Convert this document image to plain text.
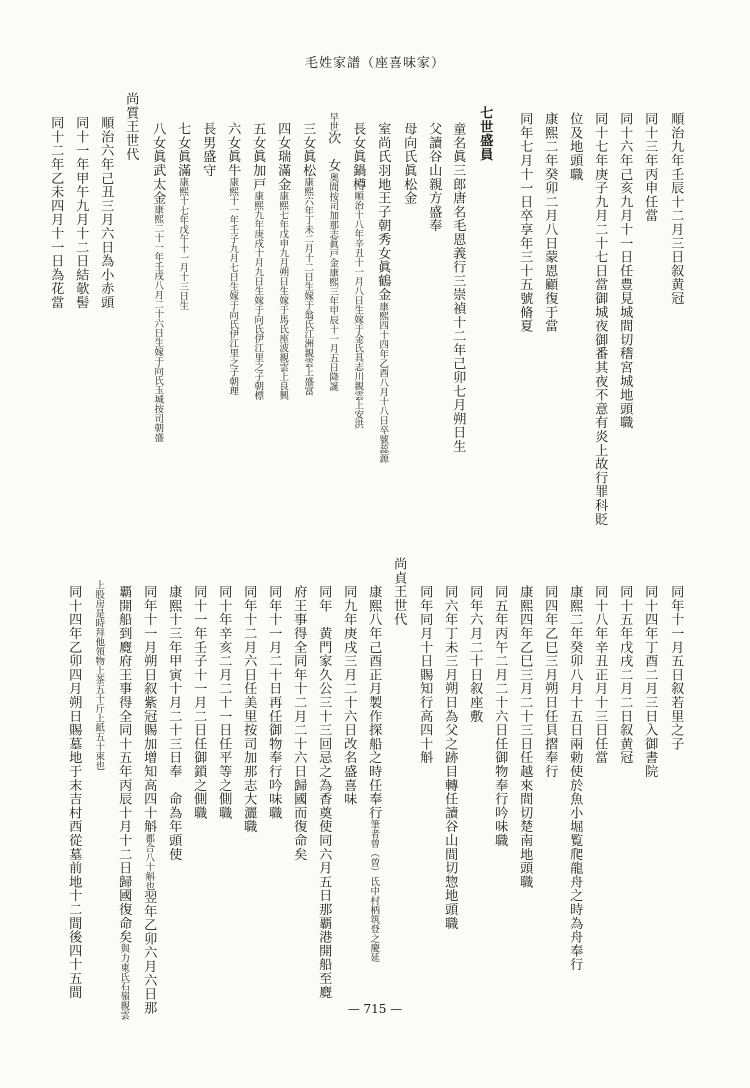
毛姓家譜（座喜味家）
順治九年壬辰十二月三日叙黄冠
同十三年丙申任當
同十六年己亥九月十一日任豊見城間切𥡴宮城地頭職
同十七年庚子九月二十七日當御城夜御番其夜不意有炎上故行罪科貶
位及地頭職
康熙二年癸卯二月八日蒙恩顧復于當
同年七月十一日卒享年三十五號脩夏
七世盛員
童名眞三郎唐名毛恩義行三崇禎十二年己卯七月朔日生
父讀谷山親方盛奉
母向氏眞松金
室尚氏羽地王子朝秀女眞鶴金康熙四十四年乙酉八月十八日卒號蕊源
長女眞鍋樽順治十八年辛丑十一月八日生嫁于金氏具志川親雲上安洪
早世次　女奥間按司加那志眞戸金康熙三年甲辰十一月五日降誕
三女眞松康熙六年丁未二月十二日生嫁于翁氏江洲親雲上盛富
四女瑞滿金康熙七年戊申九月朔日生嫁于馬氏座波親雲上良興
五女眞加戸康熙九年庚戌十月九日生嫁于向氏伊江里之子朝標
六女眞牛康熙十一年壬子九月七日生嫁于向氏伊江里之子朝理
長男盛守
七女眞滿康熙十七年戊午十一月十三日生
八女眞武太金康熙二十一年壬戌八月二十六日生嫁于向氏玉城按司朝盛
尚質王世代
順治六年己丑三月六日為小赤頭
同十一年甲午九月十二日結欹髻
同十二年乙未四月十一日為花當
同年十一月五日叙若里之子
同十四年丁酉二月三日入御書院
同十五年戊戌二月二日叙黄冠
同十八年辛丑正月十三日任當
康熙二年癸卯八月十五日兩勅使於魚小堀覧爬龍舟之時為舟奉行
同四年乙巳三月朔日任貝摺奉行
康熙四年乙巳三月二十三日任越來間切楚南地頭職
同五年丙午二月二十六日任御物奉行吟味職
同年六月二十日叙座敷
同六年丁未三月朔日為父之跡目轉任讀谷山間切惣地頭職
同年同月十日賜知行高四十斛
尚貞王世代
康熙八年己酉正月製作探船之時任奉行筆者曾（曽）氏中村柄筑登之慶延
同九年庚戌三月二十六日改名盛喜味
同年　黄門家久公三十三回忌之為香奠使同六月五日那覇港開船至麑
府王事得全同年十二月二十六日歸國而復命矣
同年十一月二十日再任御物奉行吟味職
同年十二月六日任美里按司加那志大灑職
同十年辛亥二月二十一日任平等之側職
同十一年壬子十一月二日任御鎖之側職
康熙十三年甲寅十月二十三日奉　命為年頭使
同年十一月朔日叙紫冠賜加增知高四十斛都合八十斛也翌年乙卯六月六日那
覇開船到麑府王事得全同十五年丙辰十月十二日歸國復命矣與力東氏石嶺親雲
上股房是時拜他領物上茶五十斤上紙五十束也
同十四年乙卯四月朔日賜墓地于末吉村西從墓前地十二間後四十五間
— 715 —
